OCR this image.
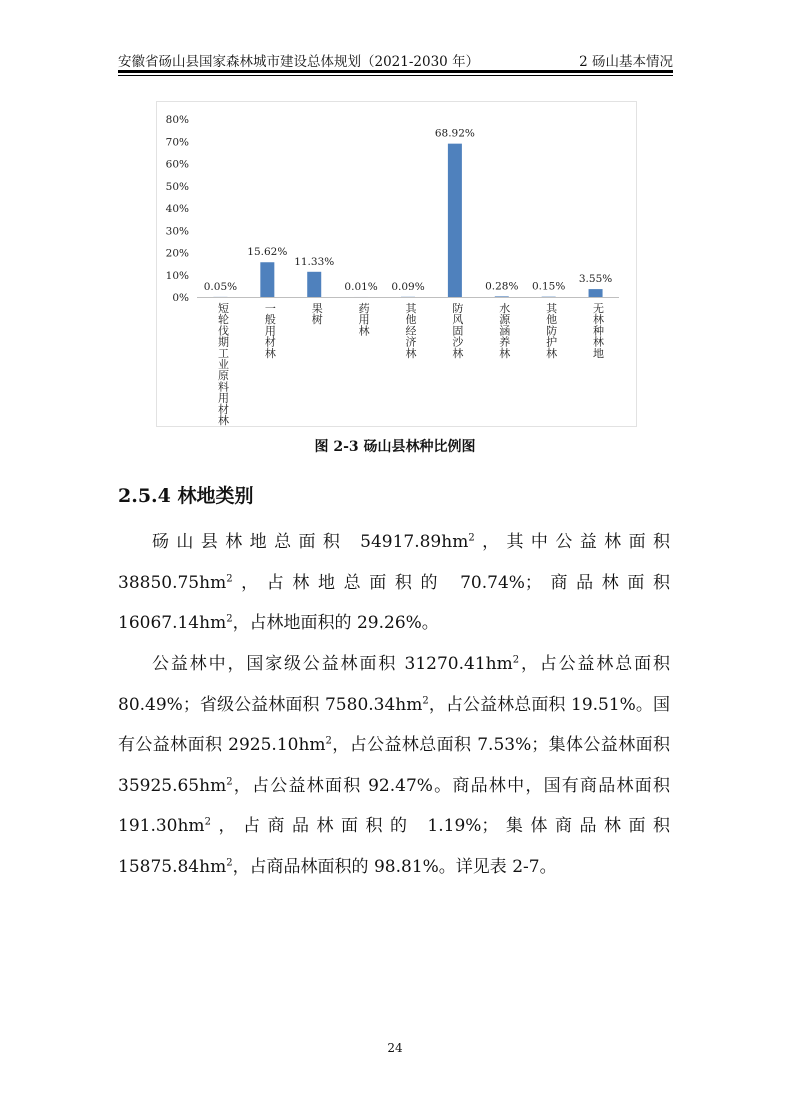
安徽省砀山县国家森林城市建设总体规划（2021-2030 年）	2 砀山基本情况
0%
10%
20%
30%
40%
50%
60%
70%
80%
0.05%
短轮伐期工业原料用材林
15.62%
一般用材林
11.33%
果树
0.01%
药用林
0.09%
其他经济林
68.92%
防风固沙林
0.28%
水源涵养林
0.15%
其他防护林
3.55%
无林种林地
图 2-3 砀山县林种比例图
2.5.4 林地类别

砀山县林地总面积 $54917.89hm^2$，其中公益林面积 $38850.75hm^2$，占林地总面积的 70.74%；商品林面积 $16067.14hm^2$，占林地面积的 29.26%。

公益林中，国家级公益林面积 $31270.41hm^2$，占公益林总面积 80.49%；省级公益林面积 $7580.34hm^2$，占公益林总面积 19.51%。国有公益林面积 $2925.10hm^2$，占公益林总面积 7.53%；集体公益林面积 $35925.65hm^2$，占公益林面积 92.47%。商品林中，国有商品林面积 $191.30hm^2$，占商品林面积的 1.19%；集体商品林面积 $15875.84hm^2$，占商品林面积的 98.81%。详见表 2-7。

24
